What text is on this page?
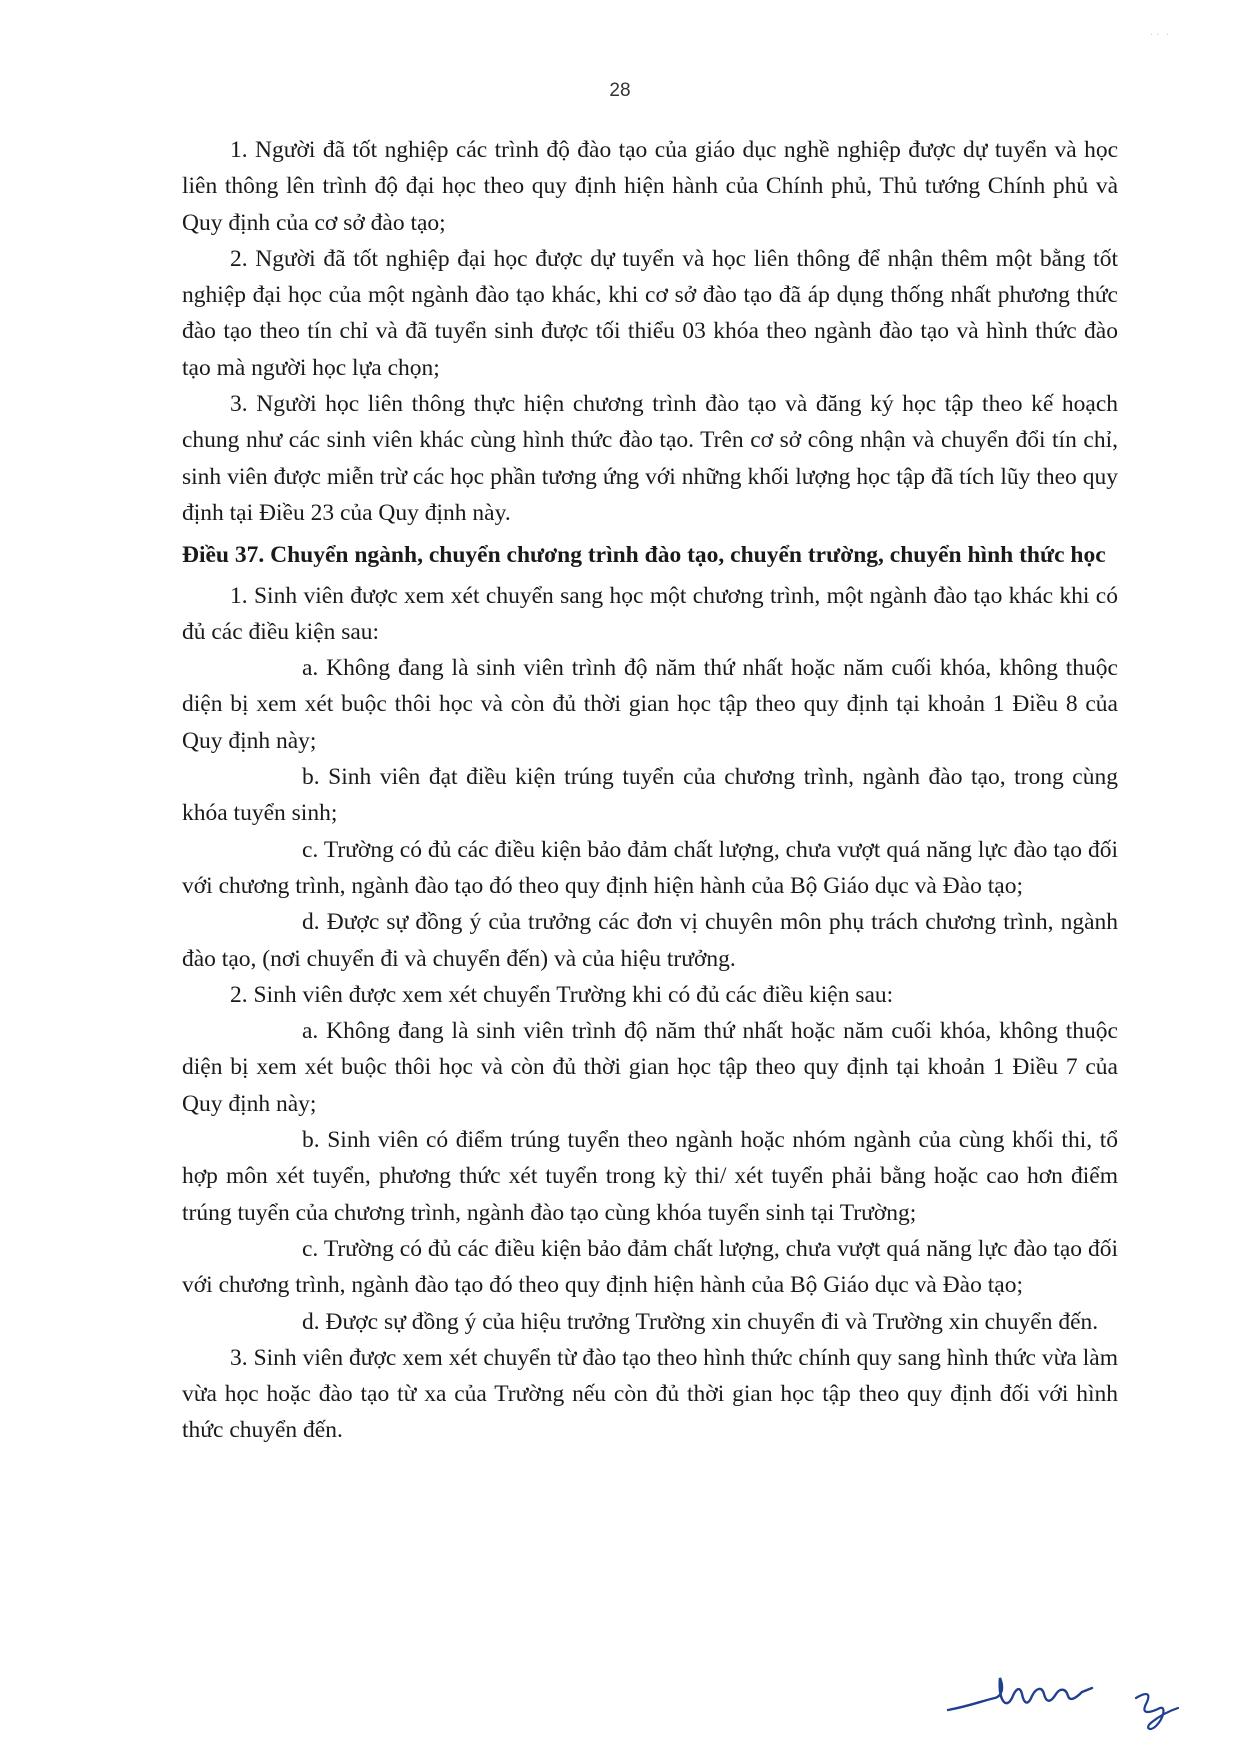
· ·  ·
28

1. Người đã tốt nghiệp các trình độ đào tạo của giáo dục nghề nghiệp được dự tuyển và học liên thông lên trình độ đại học theo quy định hiện hành của Chính phủ, Thủ tướng Chính phủ và Quy định của cơ sở đào tạo;

2. Người đã tốt nghiệp đại học được dự tuyển và học liên thông để nhận thêm một bằng tốt nghiệp đại học của một ngành đào tạo khác, khi cơ sở đào tạo đã áp dụng thống nhất phương thức đào tạo theo tín chỉ và đã tuyển sinh được tối thiểu 03 khóa theo ngành đào tạo và hình thức đào tạo mà người học lựa chọn;

3. Người học liên thông thực hiện chương trình đào tạo và đăng ký học tập theo kế hoạch chung như các sinh viên khác cùng hình thức đào tạo. Trên cơ sở công nhận và chuyển đổi tín chỉ, sinh viên được miễn trừ các học phần tương ứng với những khối lượng học tập đã tích lũy theo quy định tại Điều 23 của Quy định này.

Điều 37. Chuyển ngành, chuyển chương trình đào tạo, chuyển trường, chuyển hình thức học

1. Sinh viên được xem xét chuyển sang học một chương trình, một ngành đào tạo khác khi có đủ các điều kiện sau:

a. Không đang là sinh viên trình độ năm thứ nhất hoặc năm cuối khóa, không thuộc diện bị xem xét buộc thôi học và còn đủ thời gian học tập theo quy định tại khoản 1 Điều 8 của Quy định này;

b. Sinh viên đạt điều kiện trúng tuyển của chương trình, ngành đào tạo, trong cùng khóa tuyển sinh;

c. Trường có đủ các điều kiện bảo đảm chất lượng, chưa vượt quá năng lực đào tạo đối với chương trình, ngành đào tạo đó theo quy định hiện hành của Bộ Giáo dục và Đào tạo;

d. Được sự đồng ý của trưởng các đơn vị chuyên môn phụ trách chương trình, ngành đào tạo, (nơi chuyển đi và chuyển đến) và của hiệu trưởng.

2. Sinh viên được xem xét chuyển Trường khi có đủ các điều kiện sau:

a. Không đang là sinh viên trình độ năm thứ nhất hoặc năm cuối khóa, không thuộc diện bị xem xét buộc thôi học và còn đủ thời gian học tập theo quy định tại khoản 1 Điều 7 của Quy định này;

b. Sinh viên có điểm trúng tuyển theo ngành hoặc nhóm ngành của cùng khối thi, tổ hợp môn xét tuyển, phương thức xét tuyển trong kỳ thi/ xét tuyển phải bằng hoặc cao hơn điểm trúng tuyển của chương trình, ngành đào tạo cùng khóa tuyển sinh tại Trường;

c. Trường có đủ các điều kiện bảo đảm chất lượng, chưa vượt quá năng lực đào tạo đối với chương trình, ngành đào tạo đó theo quy định hiện hành của Bộ Giáo dục và Đào tạo;

d. Được sự đồng ý của hiệu trưởng Trường xin chuyển đi và Trường xin chuyển đến.

3. Sinh viên được xem xét chuyển từ đào tạo theo hình thức chính quy sang hình thức vừa làm vừa học hoặc đào tạo từ xa của Trường nếu còn đủ thời gian học tập theo quy định đối với hình thức chuyển đến.
